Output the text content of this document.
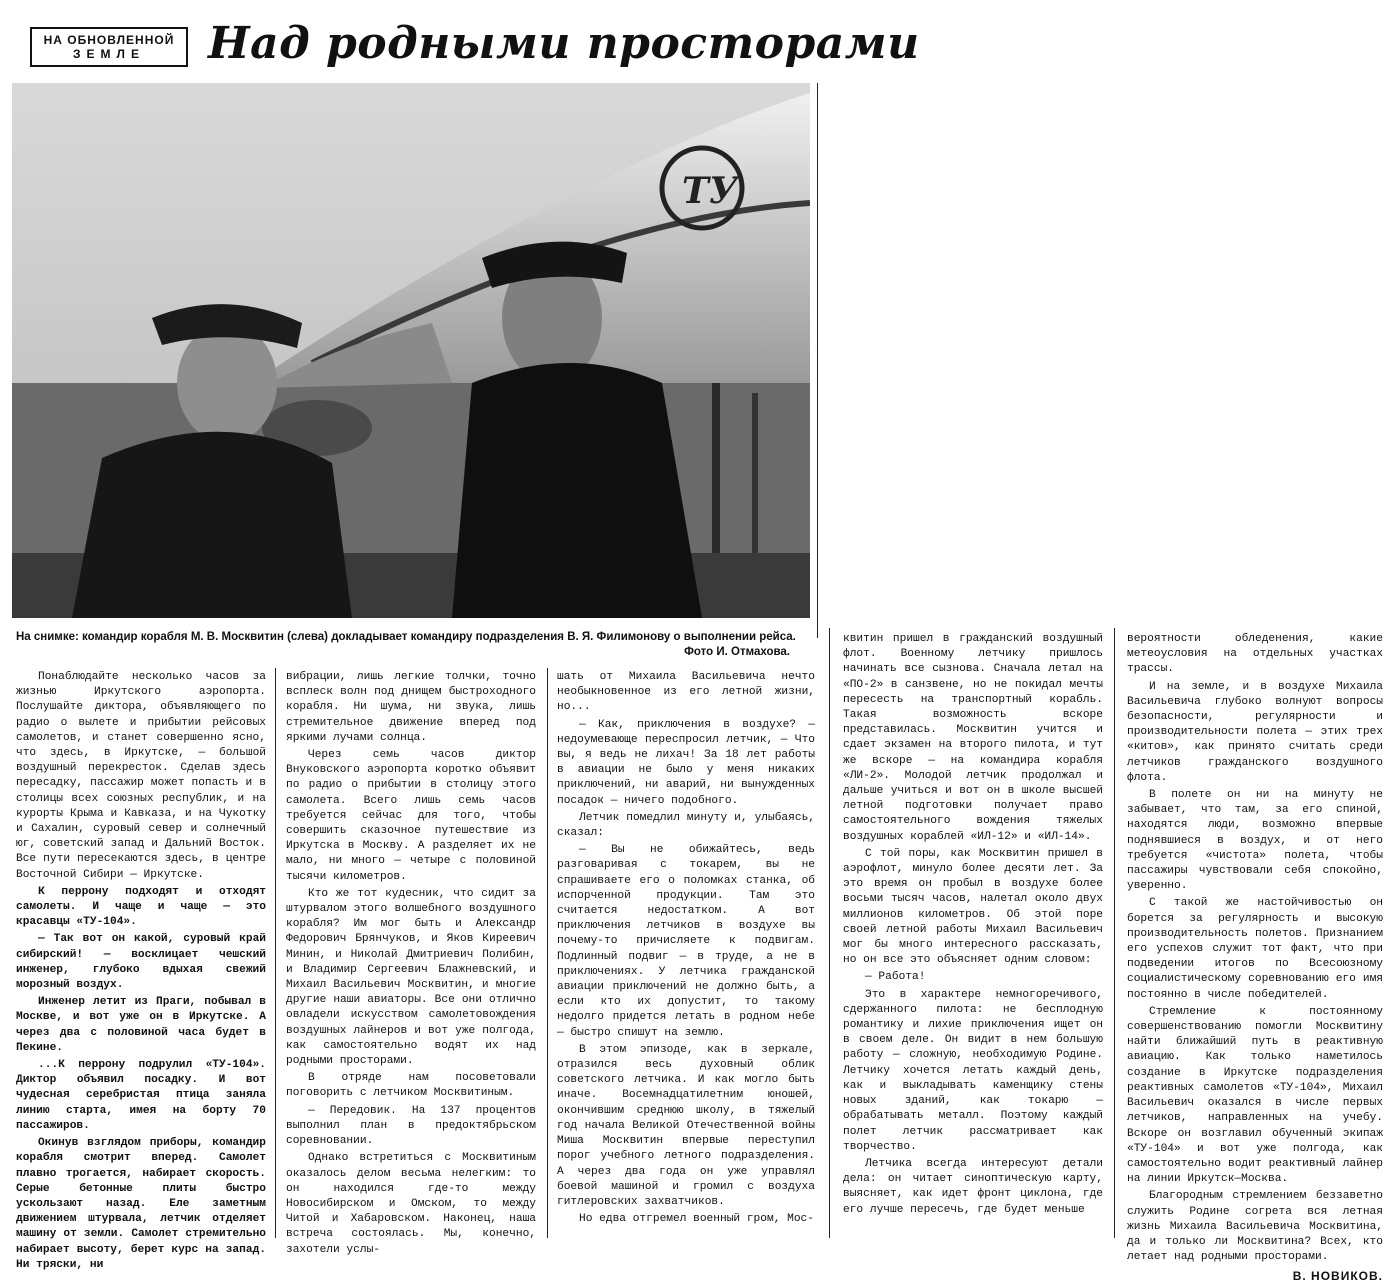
НА ОБНОВЛЕННОЙ
ЗЕМЛЕ	Над родными просторами
ТУ
На снимке: командир корабля М. В. Москвитин (слева) докладывает командиру подразделения В. Я. Филимонову о выполнении рейса.
Фото И. Отмахова.

Понаблюдайте несколько часов за жизнью Иркутского аэропорта. Послушайте диктора, объявляющего по радио о вылете и прибытии рейсовых самолетов, и станет совершенно ясно, что здесь, в Иркутске, — большой воздушный перекресток. Сделав здесь пересадку, пассажир может попасть и в столицы всех союзных республик, и на курорты Крыма и Кавказа, и на Чукотку и Сахалин, суровый север и солнечный юг, советский запад и Дальний Восток. Все пути пересекаются здесь, в центре Восточной Сибири — Иркутске.

К перрону подходят и отходят самолеты. И чаще и чаще — это красавцы «ТУ-104».

— Так вот он какой, суровый край сибирский! — восклицает чешский инженер, глубоко вдыхая свежий морозный воздух.

Инженер летит из Праги, побывал в Москве, и вот уже он в Иркутске. А через два с половиной часа будет в Пекине.

...К перрону подрулил «ТУ-104». Диктор объявил посадку. И вот чудесная серебристая птица заняла линию старта, имея на борту 70 пассажиров.

Окинув взглядом приборы, командир корабля смотрит вперед. Самолет плавно трогается, набирает скорость. Серые бетонные плиты быстро ускользают назад. Еле заметным движением штурвала, летчик отделяет машину от земли. Самолет стремительно набирает высоту, берет курс на запад. Ни тряски, ни

вибрации, лишь легкие толчки, точно всплеск волн под днищем быстроходного корабля. Ни шума, ни звука, лишь стремительное движение вперед под яркими лучами солнца.

Через семь часов диктор Внуковского аэропорта коротко объявит по радио о прибытии в столицу этого самолета. Всего лишь семь часов требуется сейчас для того, чтобы совершить сказочное путешествие из Иркутска в Москву. А разделяет их не мало, ни много — четыре с половиной тысячи километров.

Кто же тот кудесник, что сидит за штурвалом этого волшебного воздушного корабля? Им мог быть и Александр Федорович Брянчуков, и Яков Киреевич Минин, и Николай Дмитриевич Полибин, и Владимир Сергеевич Блажневский, и Михаил Васильевич Москвитин, и многие другие наши авиаторы. Все они отлично овладели искусством самолетовождения воздушных лайнеров и вот уже полгода, как самостоятельно водят их над родными просторами.

В отряде нам посоветовали поговорить с летчиком Москвитиным.

— Передовик. На 137 процентов выполнил план в предоктябрьском соревновании.

Однако встретиться с Москвитиным оказалось делом весьма нелегким: то он находился где-то между Новосибирском и Омском, то между Читой и Хабаровском. Наконец, наша встреча состоялась. Мы, конечно, захотели услы-

шать от Михаила Васильевича нечто необыкновенное из его летной жизни, но...

— Как, приключения в воздухе? — недоумевающе переспросил летчик, — Что вы, я ведь не лихач! За 18 лет работы в авиации не было у меня никаких приключений, ни аварий, ни вынужденных посадок — ничего подобного.

Летчик помедлил минуту и, улыбаясь, сказал:

— Вы не обижайтесь, ведь разговаривая с токарем, вы не спрашиваете его о поломках станка, об испорченной продукции. Там это считается недостатком. А вот приключения летчиков в воздухе вы почему-то причисляете к подвигам. Подлинный подвиг — в труде, а не в приключениях. У летчика гражданской авиации приключений не должно быть, а если кто их допустит, то такому недолго придется летать в родном небе — быстро спишут на землю.

В этом эпизоде, как в зеркале, отразился весь духовный облик советского летчика. И как могло быть иначе. Восемнадцатилетним юношей, окончившим среднюю школу, в тяжелый год начала Великой Отечественной войны Миша Москвитин впервые переступил порог учебного летного подразделения. А через два года он уже управлял боевой машиной и громил с воздуха гитлеровских захватчиков.

Но едва отгремел военный гром, Мос-

квитин пришел в гражданский воздушный флот. Военному летчику пришлось начинать все сызнова. Сначала летал на «ПО-2» в санзвене, но не покидал мечты пересесть на транспортный корабль. Такая возможность вскоре представилась. Москвитин учится и сдает экзамен на второго пилота, и тут же вскоре — на командира корабля «ЛИ-2». Молодой летчик продолжал и дальше учиться и вот он в школе высшей летной подготовки получает право самостоятельного вождения тяжелых воздушных кораблей «ИЛ-12» и «ИЛ-14».

С той поры, как Москвитин пришел в аэрофлот, минуло более десяти лет. За это время он пробыл в воздухе более восьми тысяч часов, налетал около двух миллионов километров. Об этой поре своей летной работы Михаил Васильевич мог бы много интересного рассказать, но он все это объясняет одним словом:

— Работа!

Это в характере немногоречивого, сдержанного пилота: не бесплодную романтику и лихие приключения ищет он в своем деле. Он видит в нем большую работу — сложную, необходимую Родине. Летчику хочется летать каждый день, как и выкладывать каменщику стены новых зданий, как токарю — обрабатывать металл. Поэтому каждый полет летчик рассматривает как творчество.

Летчика всегда интересуют детали дела: он читает синоптическую карту, выясняет, как идет фронт циклона, где его лучше пересечь, где будет меньше

вероятности обледенения, какие метеоусловия на отдельных участках трассы.

И на земле, и в воздухе Михаила Васильевича глубоко волнуют вопросы безопасности, регулярности и производительности полета — этих трех «китов», как принято считать среди летчиков гражданского воздушного флота.

В полете он ни на минуту не забывает, что там, за его спиной, находятся люди, возможно впервые поднявшиеся в воздух, и от него требуется «чистота» полета, чтобы пассажиры чувствовали себя спокойно, уверенно.

С такой же настойчивостью он борется за регулярность и высокую производительность полетов. Признанием его успехов служит тот факт, что при подведении итогов по Всесоюзному социалистическому соревнованию его имя постоянно в числе победителей.

Стремление к постоянному совершенствованию помогли Москвитину найти ближайший путь в реактивную авиацию. Как только наметилось создание в Иркутске подразделения реактивных самолетов «ТУ-104», Михаил Васильевич оказался в числе первых летчиков, направленных на учебу. Вскоре он возглавил обученный экипаж «ТУ-104» и вот уже полгода, как самостоятельно водит реактивный лайнер на линии Иркутск—Москва.

Благородным стремлением беззаветно служить Родине согрета вся летная жизнь Михаила Васильевича Москвитина, да и только ли Москвитина? Всех, кто летает над родными просторами.

В. НОВИКОВ.
